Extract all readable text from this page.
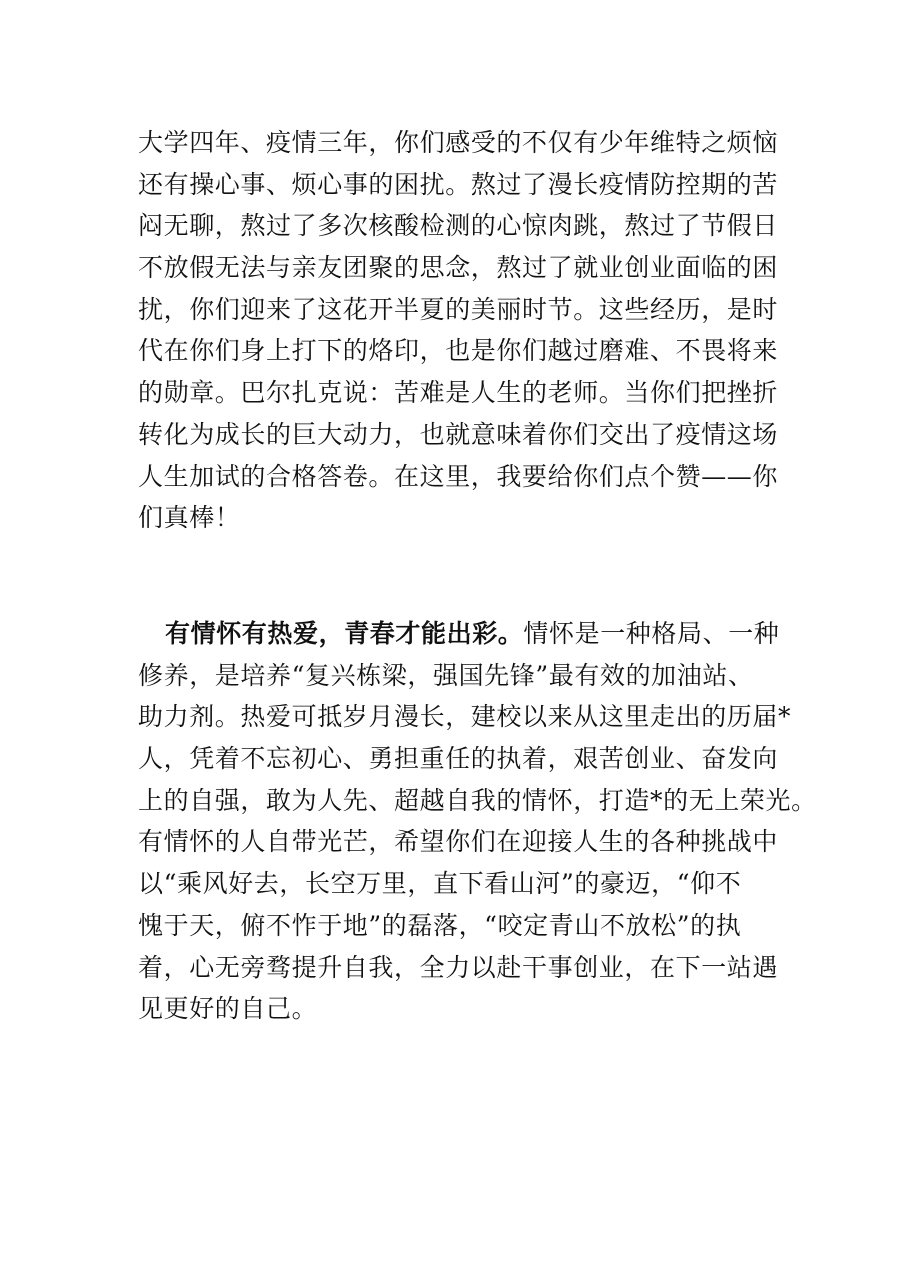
大学四年、疫情三年，你们感受的不仅有少年维特之烦恼
还有操心事、烦心事的困扰。熬过了漫长疫情防控期的苦
闷无聊，熬过了多次核酸检测的心惊肉跳，熬过了节假日
不放假无法与亲友团聚的思念，熬过了就业创业面临的困
扰，你们迎来了这花开半夏的美丽时节。这些经历，是时
代在你们身上打下的烙印，也是你们越过磨难、不畏将来
的勋章。巴尔扎克说：苦难是人生的老师。当你们把挫折
转化为成长的巨大动力，也就意味着你们交出了疫情这场
人生加试的合格答卷。在这里，我要给你们点个赞——你
们真棒！
有情怀有热爱，青春才能出彩。情怀是一种格局、一种
修养，是培养“复兴栋梁，强国先锋”最有效的加油站、
助力剂。热爱可抵岁月漫长，建校以来从这里走出的历届*
人，凭着不忘初心、勇担重任的执着，艰苦创业、奋发向
上的自强，敢为人先、超越自我的情怀，打造*的无上荣光。
有情怀的人自带光芒，希望你们在迎接人生的各种挑战中
以“乘风好去，长空万里，直下看山河”的豪迈，“仰不
愧于天，俯不怍于地”的磊落，“咬定青山不放松”的执
着，心无旁骛提升自我，全力以赴干事创业，在下一站遇
见更好的自己。
